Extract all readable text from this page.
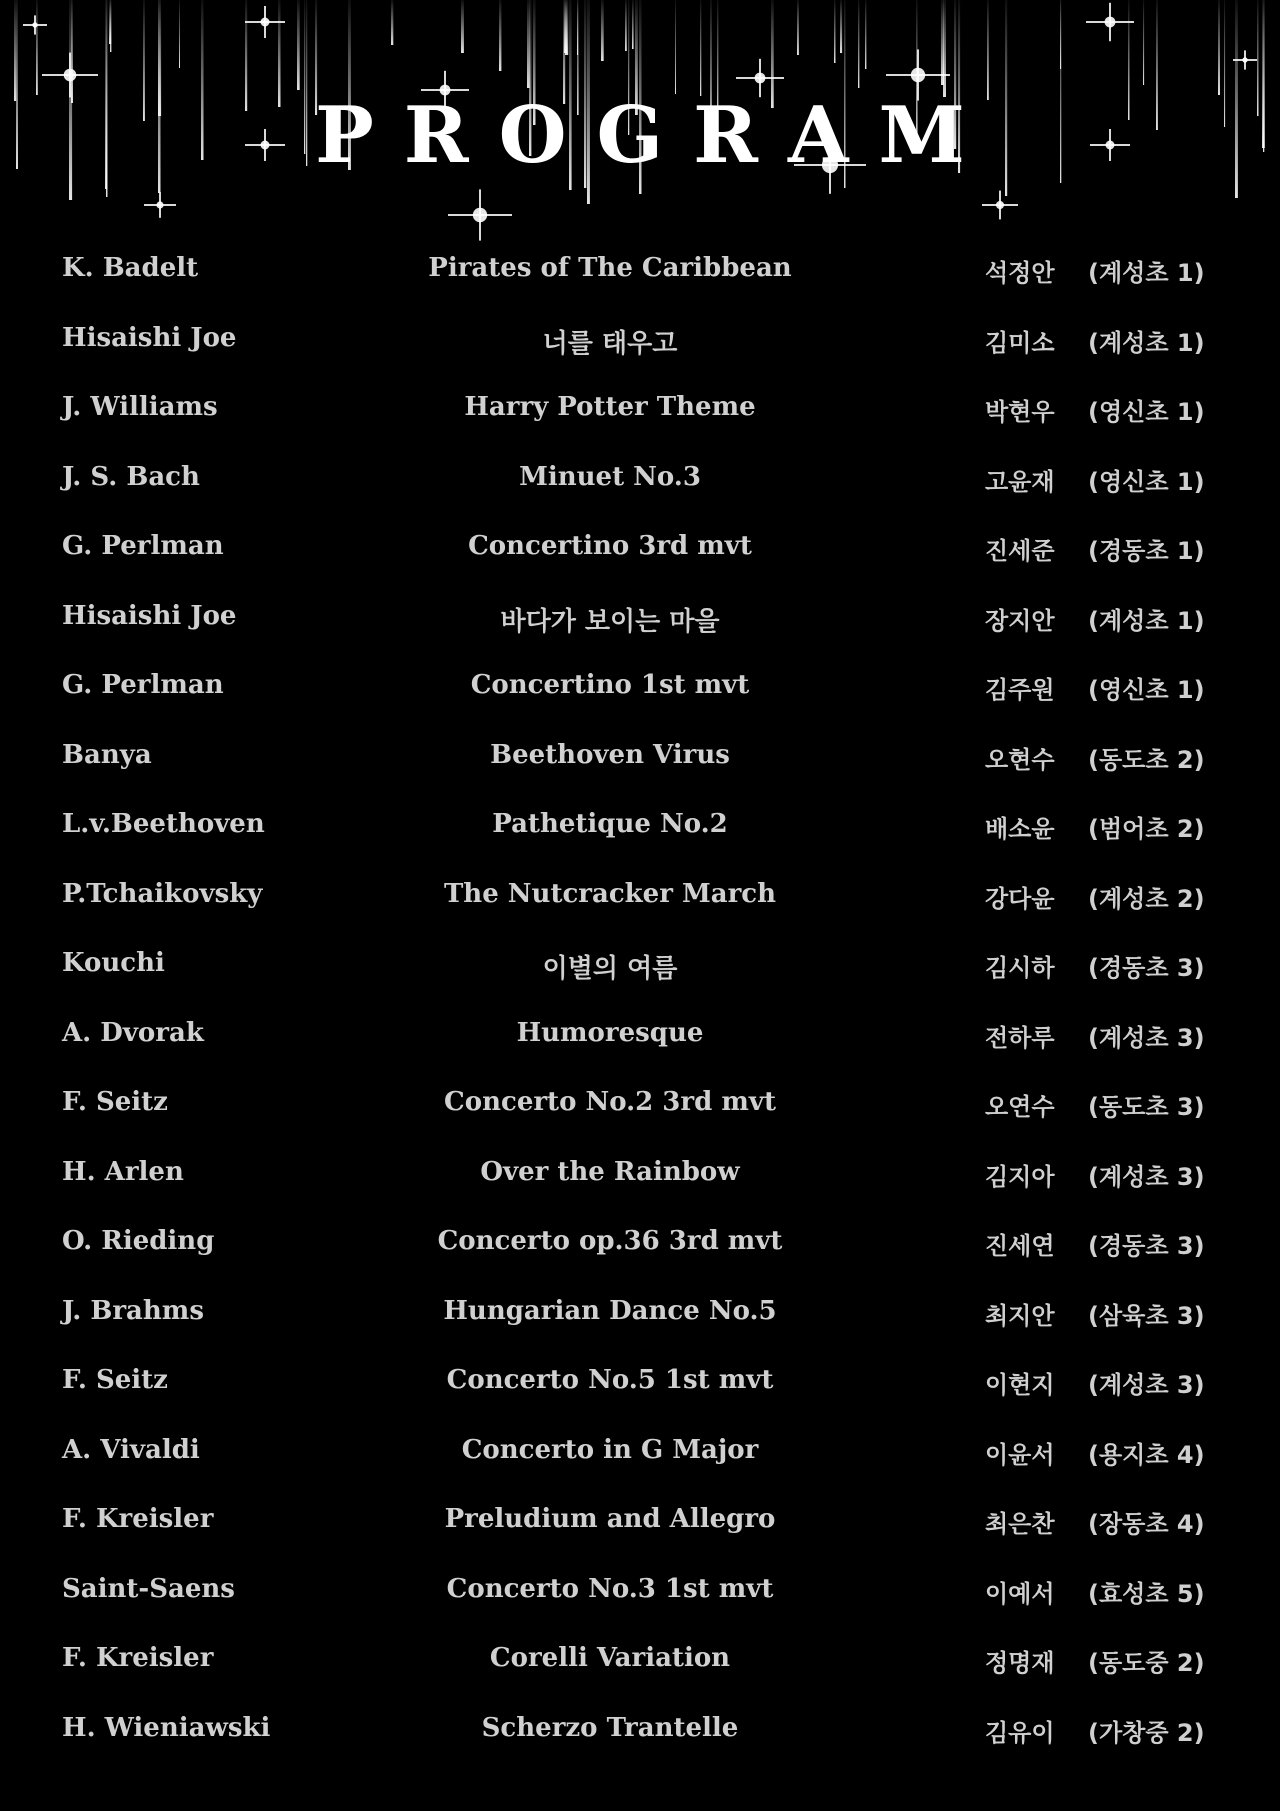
PROGRAM
K. Badelt	Pirates of The Caribbean	석정안 (계성초 1)
Hisaishi Joe	너를 태우고	김미소 (계성초 1)
J. Williams	Harry Potter Theme	박현우 (영신초 1)
J. S. Bach	Minuet No.3	고윤재 (영신초 1)
G. Perlman	Concertino 3rd mvt	진세준 (경동초 1)
Hisaishi Joe	바다가 보이는 마을	장지안 (계성초 1)
G. Perlman	Concertino 1st mvt	김주원 (영신초 1)
Banya	Beethoven Virus	오현수 (동도초 2)
L.v.Beethoven	Pathetique No.2	배소윤 (범어초 2)
P.Tchaikovsky	The Nutcracker March	강다윤 (계성초 2)
Kouchi	이별의 여름	김시하 (경동초 3)
A. Dvorak	Humoresque	전하루 (계성초 3)
F. Seitz	Concerto No.2 3rd mvt	오연수 (동도초 3)
H. Arlen	Over the Rainbow	김지아 (계성초 3)
O. Rieding	Concerto op.36 3rd mvt	진세연 (경동초 3)
J. Brahms	Hungarian Dance No.5	최지안 (삼육초 3)
F. Seitz	Concerto No.5 1st mvt	이현지 (계성초 3)
A. Vivaldi	Concerto in G Major	이윤서 (용지초 4)
F. Kreisler	Preludium and Allegro	최은찬 (장동초 4)
Saint-Saens	Concerto No.3 1st mvt	이예서 (효성초 5)
F. Kreisler	Corelli Variation	정명재 (동도중 2)
H. Wieniawski	Scherzo Trantelle	김유이 (가창중 2)
